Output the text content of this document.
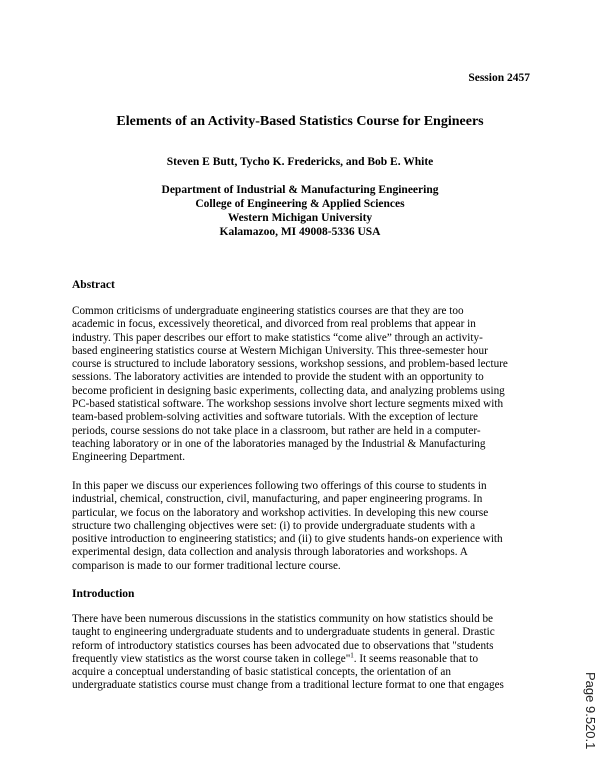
Session 2457
Elements of an Activity-Based Statistics Course for Engineers
Steven E Butt, Tycho K. Fredericks, and Bob E. White
Department of Industrial & Manufacturing Engineering
College of Engineering & Applied Sciences
Western Michigan University
Kalamazoo, MI 49008-5336 USA
Abstract
Common criticisms of undergraduate engineering statistics courses are that they are too
academic in focus, excessively theoretical, and divorced from real problems that appear in
industry. This paper describes our effort to make statistics “come alive” through an activity-
based engineering statistics course at Western Michigan University. This three-semester hour
course is structured to include laboratory sessions, workshop sessions, and problem-based lecture
sessions. The laboratory activities are intended to provide the student with an opportunity to
become proficient in designing basic experiments, collecting data, and analyzing problems using
PC-based statistical software. The workshop sessions involve short lecture segments mixed with
team-based problem-solving activities and software tutorials. With the exception of lecture
periods, course sessions do not take place in a classroom, but rather are held in a computer-
teaching laboratory or in one of the laboratories managed by the Industrial & Manufacturing
Engineering Department.
In this paper we discuss our experiences following two offerings of this course to students in
industrial, chemical, construction, civil, manufacturing, and paper engineering programs. In
particular, we focus on the laboratory and workshop activities. In developing this new course
structure two challenging objectives were set: (i) to provide undergraduate students with a
positive introduction to engineering statistics; and (ii) to give students hands-on experience with
experimental design, data collection and analysis through laboratories and workshops. A
comparison is made to our former traditional lecture course.
Introduction
There have been numerous discussions in the statistics community on how statistics should be
taught to engineering undergraduate students and to undergraduate students in general. Drastic
reform of introductory statistics courses has been advocated due to observations that "students
frequently view statistics as the worst course taken in college"$^1$. It seems reasonable that to
acquire a conceptual understanding of basic statistical concepts, the orientation of an
undergraduate statistics course must change from a traditional lecture format to one that engages	Page 9.520.1
